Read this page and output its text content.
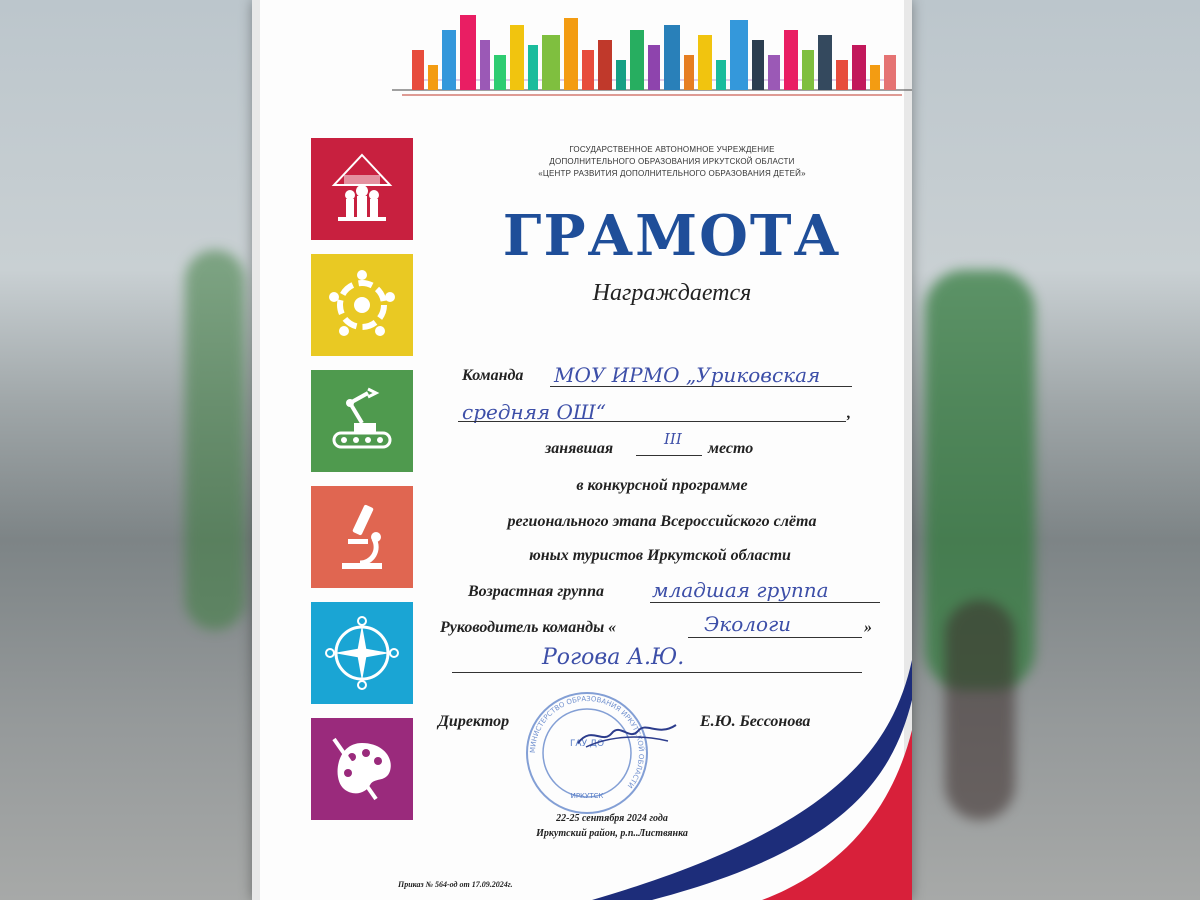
ГОСУДАРСТВЕННОЕ АВТОНОМНОЕ УЧРЕЖДЕНИЕ
ДОПОЛНИТЕЛЬНОГО ОБРАЗОВАНИЯ ИРКУТСКОЙ ОБЛАСТИ
«ЦЕНТР РАЗВИТИЯ ДОПОЛНИТЕЛЬНОГО ОБРАЗОВАНИЯ ДЕТЕЙ»
ГРАМОТА
Награждается
Команда МОУ ИРМО „Уриковская
средняя ОШ“	,
занявшая
III
место
в конкурсной программе
регионального этапа Всероссийского слёта
юных туристов Иркутской области
Возрастная группа младшая группа
Руководитель команды «	Экологи	»
Рогова А.Ю.
Директор	Е.Ю. Бессонова
МИНИСТЕРСТВО ОБРАЗОВАНИЯ ИРКУТСКОЙ ОБЛАСТИ
ГАУ ДО
ИРКУТСК
22-25 сентября 2024 года
Иркутский район, р.п..Листвянка
Приказ № 564-од от 17.09.2024г.
